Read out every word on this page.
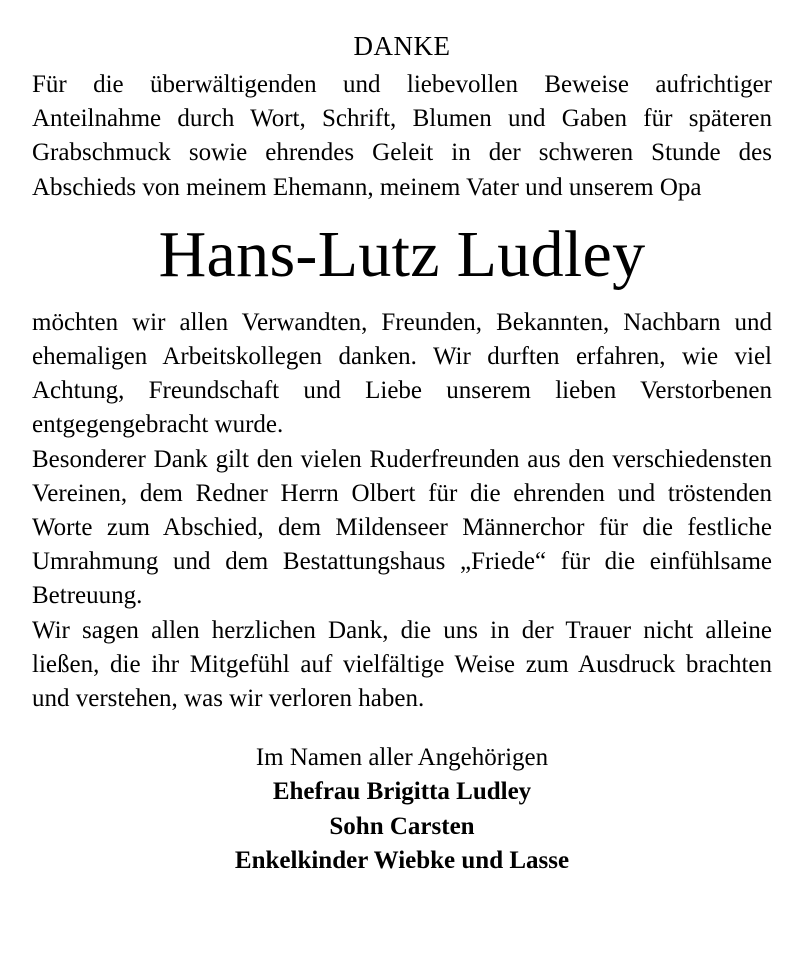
DANKE

Für die überwältigenden und liebevollen Beweise aufrichtiger Anteilnahme durch Wort, Schrift, Blumen und Gaben für späteren Grabschmuck sowie ehrendes Geleit in der schweren Stunde des Abschieds von meinem Ehemann, meinem Vater und unserem Opa

Hans-Lutz Ludley

möchten wir allen Verwandten, Freunden, Bekannten, Nachbarn und ehemaligen Arbeitskollegen danken. Wir durften erfahren, wie viel Achtung, Freundschaft und Liebe unserem lieben Verstorbenen entgegengebracht wurde.

Besonderer Dank gilt den vielen Ruderfreunden aus den verschiedensten Vereinen, dem Redner Herrn Olbert für die ehrenden und tröstenden Worte zum Abschied, dem Mildenseer Männerchor für die festliche Umrahmung und dem Bestattungshaus „Friede“ für die einfühlsame Betreuung.

Wir sagen allen herzlichen Dank, die uns in der Trauer nicht alleine ließen, die ihr Mitgefühl auf vielfältige Weise zum Ausdruck brachten und verstehen, was wir verloren haben.

Im Namen aller Angehörigen
Ehefrau Brigitta Ludley
Sohn Carsten
Enkelkinder Wiebke und Lasse
